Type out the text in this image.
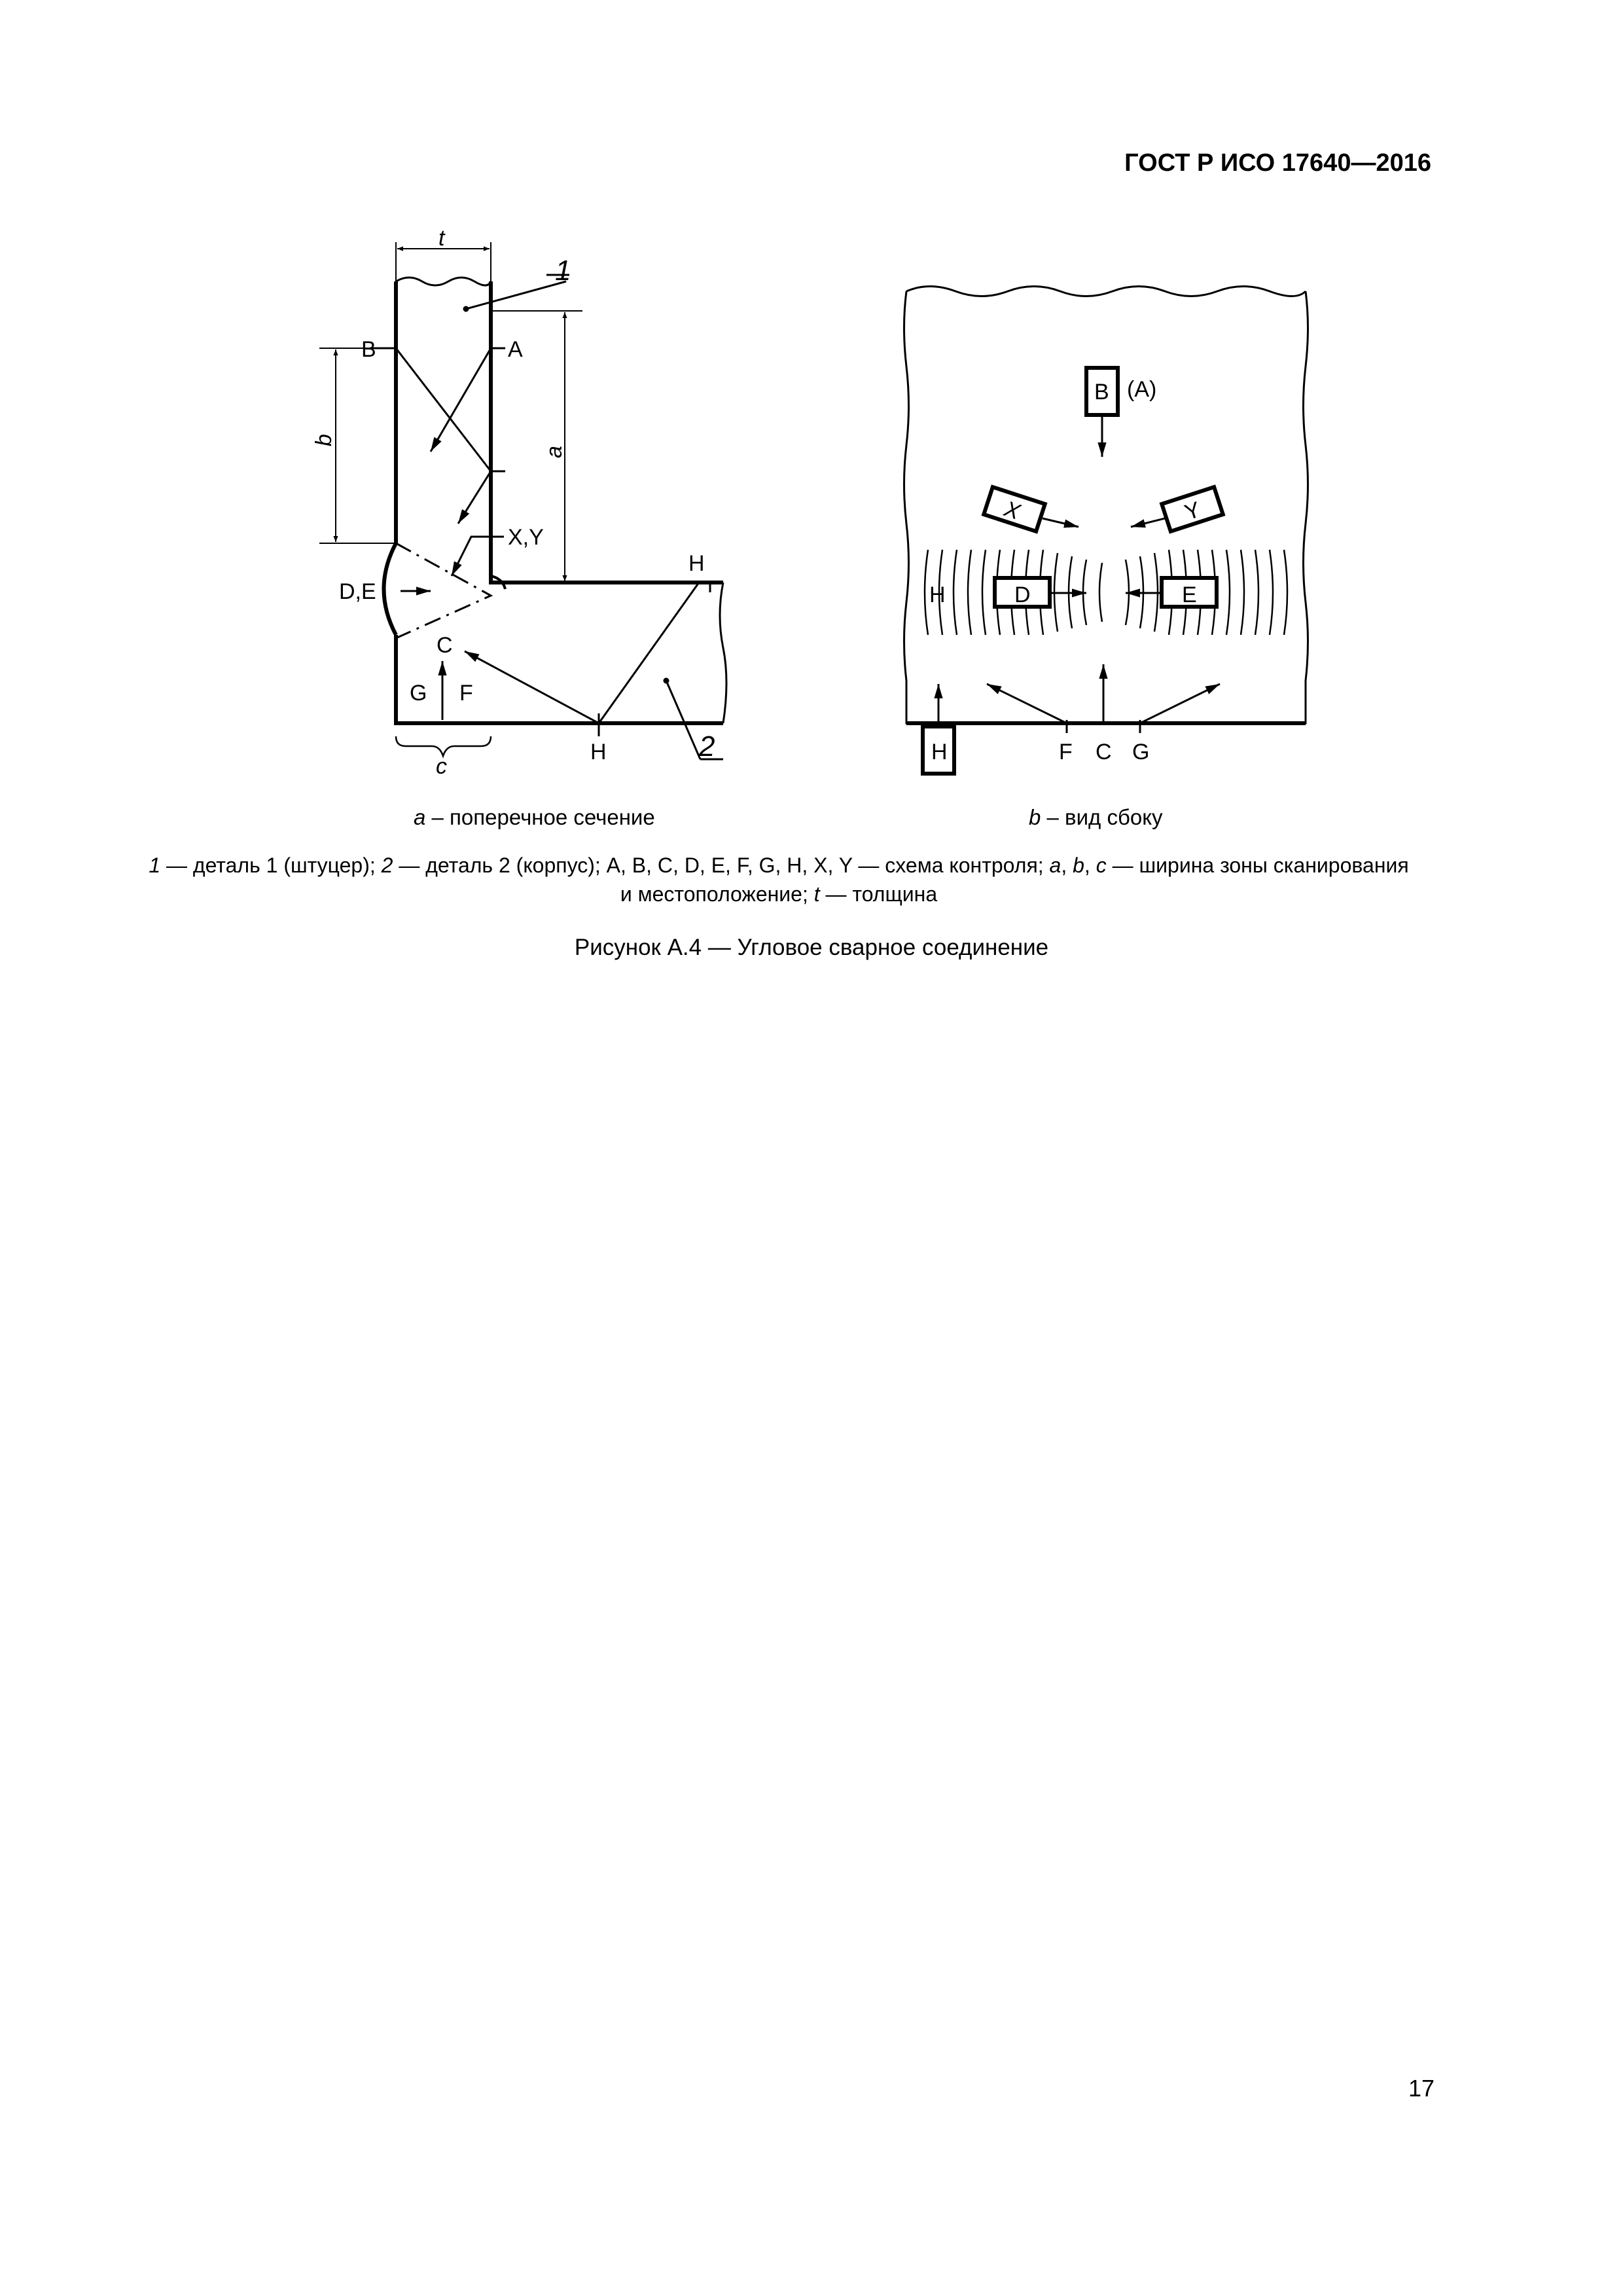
ГОСТ Р ИСО 17640—2016
t
b
a
c
1
2
B	A
X,Y
D,E
C
G F
H
H
B (A)
X	Y
D	E
H
H	F C G
a – поперечное сечение	b – вид сбоку
1 — деталь 1 (штуцер); 2 — деталь 2 (корпус); A, B, C, D, E, F, G, H, X, Y — схема контроля; a, b, c — ширина зоны сканирования
и местоположение; t — толщина
Рисунок А.4 — Угловое сварное соединение
17
